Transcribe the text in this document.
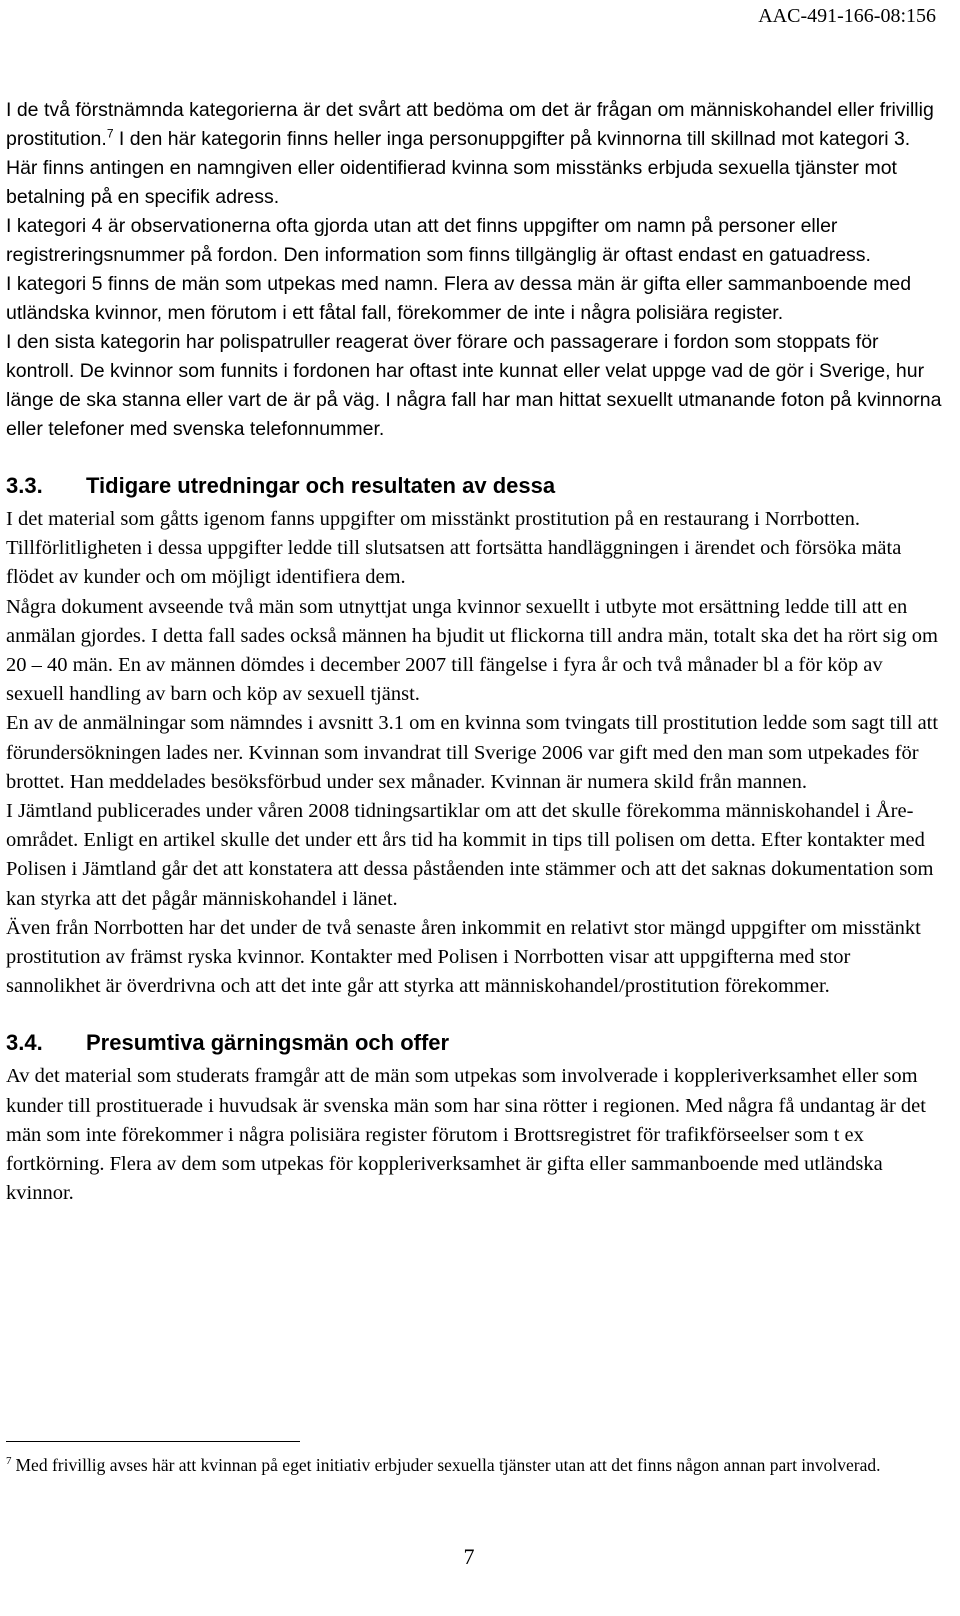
AAC-491-166-08:156

I de två förstnämnda kategorierna är det svårt att bedöma om det är frågan om människohandel eller frivillig prostitution.$^7$ I den här kategorin finns heller inga personuppgifter på kvinnorna till skillnad mot kategori 3. Här finns antingen en namngiven eller oidentifierad kvinna som misstänks erbjuda sexuella tjänster mot betalning på en specifik adress.

I kategori 4 är observationerna ofta gjorda utan att det finns uppgifter om namn på personer eller registreringsnummer på fordon. Den information som finns tillgänglig är oftast endast en gatuadress.

I kategori 5 finns de män som utpekas med namn. Flera av dessa män är gifta eller sammanboende med utländska kvinnor, men förutom i ett fåtal fall, förekommer de inte i några polisiära register.

I den sista kategorin har polispatruller reagerat över förare och passagerare i fordon som stoppats för kontroll. De kvinnor som funnits i fordonen har oftast inte kunnat eller velat uppge vad de gör i Sverige, hur länge de ska stanna eller vart de är på väg. I några fall har man hittat sexuellt utmanande foton på kvinnorna eller telefoner med svenska telefonnummer.

3.3.	Tidigare utredningar och resultaten av dessa

I det material som gåtts igenom fanns uppgifter om misstänkt prostitution på en restaurang i Norrbotten. Tillförlitligheten i dessa uppgifter ledde till slutsatsen att fortsätta handläggningen i ärendet och försöka mäta flödet av kunder och om möjligt identifiera dem.

Några dokument avseende två män som utnyttjat unga kvinnor sexuellt i utbyte mot ersättning ledde till att en anmälan gjordes. I detta fall sades också männen ha bjudit ut flickorna till andra män, totalt ska det ha rört sig om 20 – 40 män. En av männen dömdes i december 2007 till fängelse i fyra år och två månader bl a för köp av sexuell handling av barn och köp av sexuell tjänst.

En av de anmälningar som nämndes i avsnitt 3.1 om en kvinna som tvingats till prostitution ledde som sagt till att förundersökningen lades ner. Kvinnan som invandrat till Sverige 2006 var gift med den man som utpekades för brottet. Han meddelades besöksförbud under sex månader. Kvinnan är numera skild från mannen.

I Jämtland publicerades under våren 2008 tidningsartiklar om att det skulle förekomma människohandel i Åre-området. Enligt en artikel skulle det under ett års tid ha kommit in tips till polisen om detta. Efter kontakter med Polisen i Jämtland går det att konstatera att dessa påståenden inte stämmer och att det saknas dokumentation som kan styrka att det pågår människohandel i länet.

Även från Norrbotten har det under de två senaste åren inkommit en relativt stor mängd uppgifter om misstänkt prostitution av främst ryska kvinnor. Kontakter med Polisen i Norrbotten visar att uppgifterna med stor sannolikhet är överdrivna och att det inte går att styrka att människohandel/prostitution förekommer.

3.4.	Presumtiva gärningsmän och offer

Av det material som studerats framgår att de män som utpekas som involverade i koppleriverksamhet eller som kunder till prostituerade i huvudsak är svenska män som har sina rötter i regionen. Med några få undantag är det män som inte förekommer i några polisiära register förutom i Brottsregistret för trafikförseelser som t ex fortkörning. Flera av dem som utpekas för koppleriverksamhet är gifta eller sammanboende med utländska kvinnor.

$^7$ Med frivillig avses här att kvinnan på eget initiativ erbjuder sexuella tjänster utan att det finns någon annan part involverad.

7
